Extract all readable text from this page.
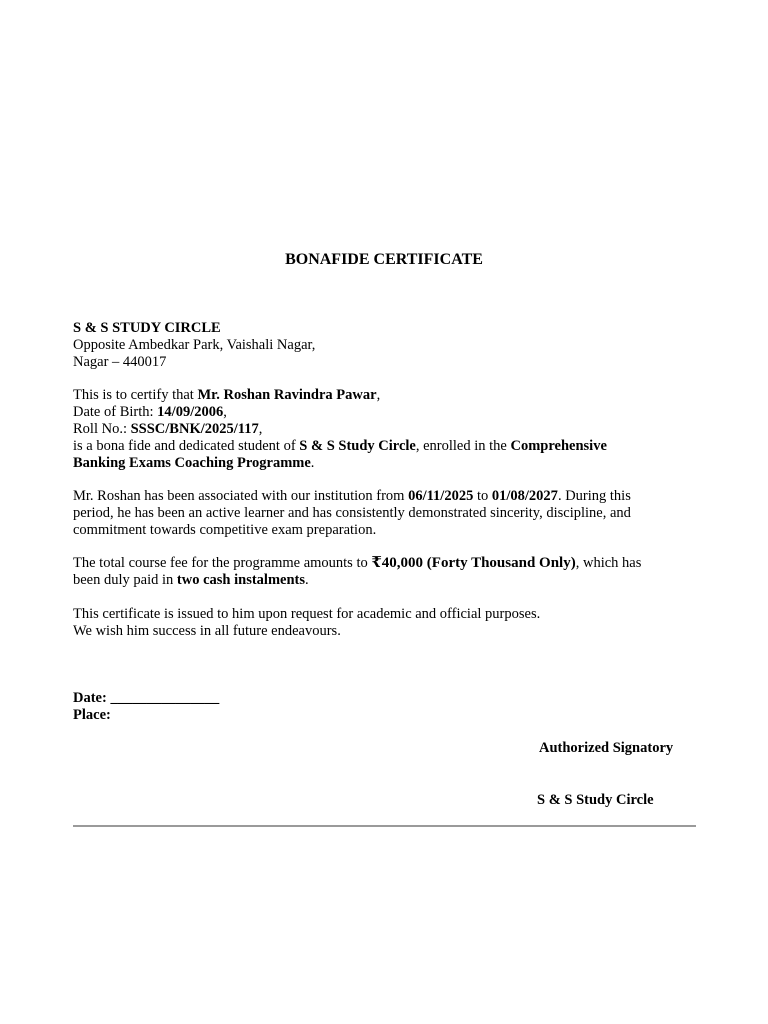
BONAFIDE CERTIFICATE
S & S STUDY CIRCLE
Opposite Ambedkar Park, Vaishali Nagar,
Nagar – 440017
This is to certify that Mr. Roshan Ravindra Pawar,
Date of Birth: 14/09/2006,
Roll No.: SSSC/BNK/2025/117,
is a bona fide and dedicated student of S & S Study Circle, enrolled in the Comprehensive
Banking Exams Coaching Programme.
Mr. Roshan has been associated with our institution from 06/11/2025 to 01/08/2027. During this
period, he has been an active learner and has consistently demonstrated sincerity, discipline, and
commitment towards competitive exam preparation.
The total course fee for the programme amounts to ₹40,000 (Forty Thousand Only), which has
been duly paid in two cash instalments.
This certificate is issued to him upon request for academic and official purposes.
We wish him success in all future endeavours.
Date: _______________
Place:
Authorized Signatory
S & S Study Circle
